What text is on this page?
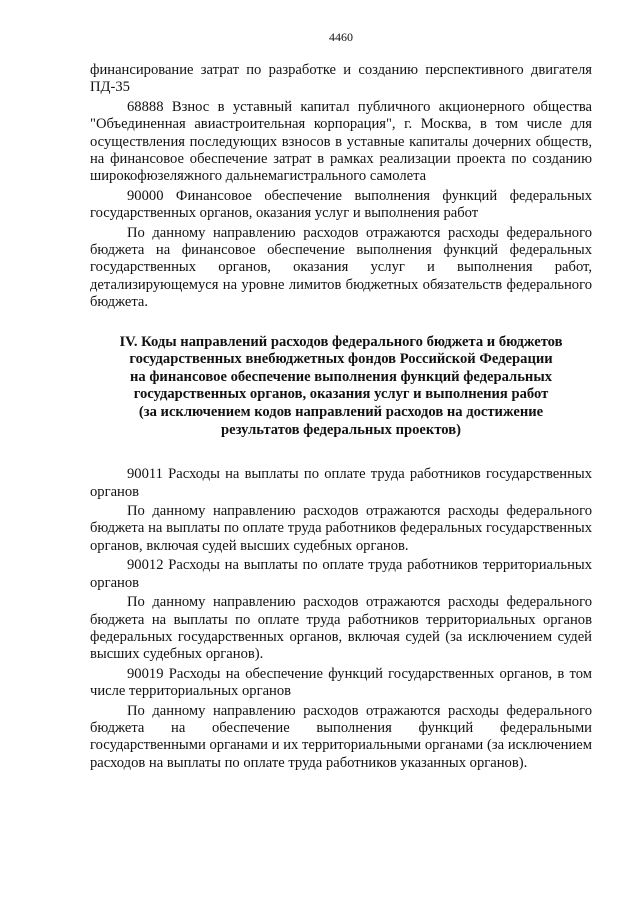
4460

финансирование затрат по разработке и созданию перспективного двигателя ПД-35

68888 Взнос в уставный капитал публичного акционерного общества "Объединенная авиастроительная корпорация", г. Москва, в том числе для осуществления последующих взносов в уставные капиталы дочерних обществ, на финансовое обеспечение затрат в рамках реализации проекта по созданию широкофюзеляжного дальнемагистрального самолета

90000 Финансовое обеспечение выполнения функций федеральных государственных органов, оказания услуг и выполнения работ

По данному направлению расходов отражаются расходы федерального бюджета на финансовое обеспечение выполнения функций федеральных государственных органов, оказания услуг и выполнения работ, детализирующемуся на уровне лимитов бюджетных обязательств федерального бюджета.

IV. Коды направлений расходов федерального бюджета и бюджетов
государственных внебюджетных фондов Российской Федерации
на финансовое обеспечение выполнения функций федеральных
государственных органов, оказания услуг и выполнения работ
(за исключением кодов направлений расходов на достижение
результатов федеральных проектов)

90011 Расходы на выплаты по оплате труда работников государственных органов

По данному направлению расходов отражаются расходы федерального бюджета на выплаты по оплате труда работников федеральных государственных органов, включая судей высших судебных органов.

90012 Расходы на выплаты по оплате труда работников территориальных органов

По данному направлению расходов отражаются расходы федерального бюджета на выплаты по оплате труда работников территориальных органов федеральных государственных органов, включая судей (за исключением судей высших судебных органов).

90019 Расходы на обеспечение функций государственных органов, в том числе территориальных органов

По данному направлению расходов отражаются расходы федерального бюджета на обеспечение выполнения функций федеральными государственными органами и их территориальными органами (за исключением расходов на выплаты по оплате труда работников указанных органов).
